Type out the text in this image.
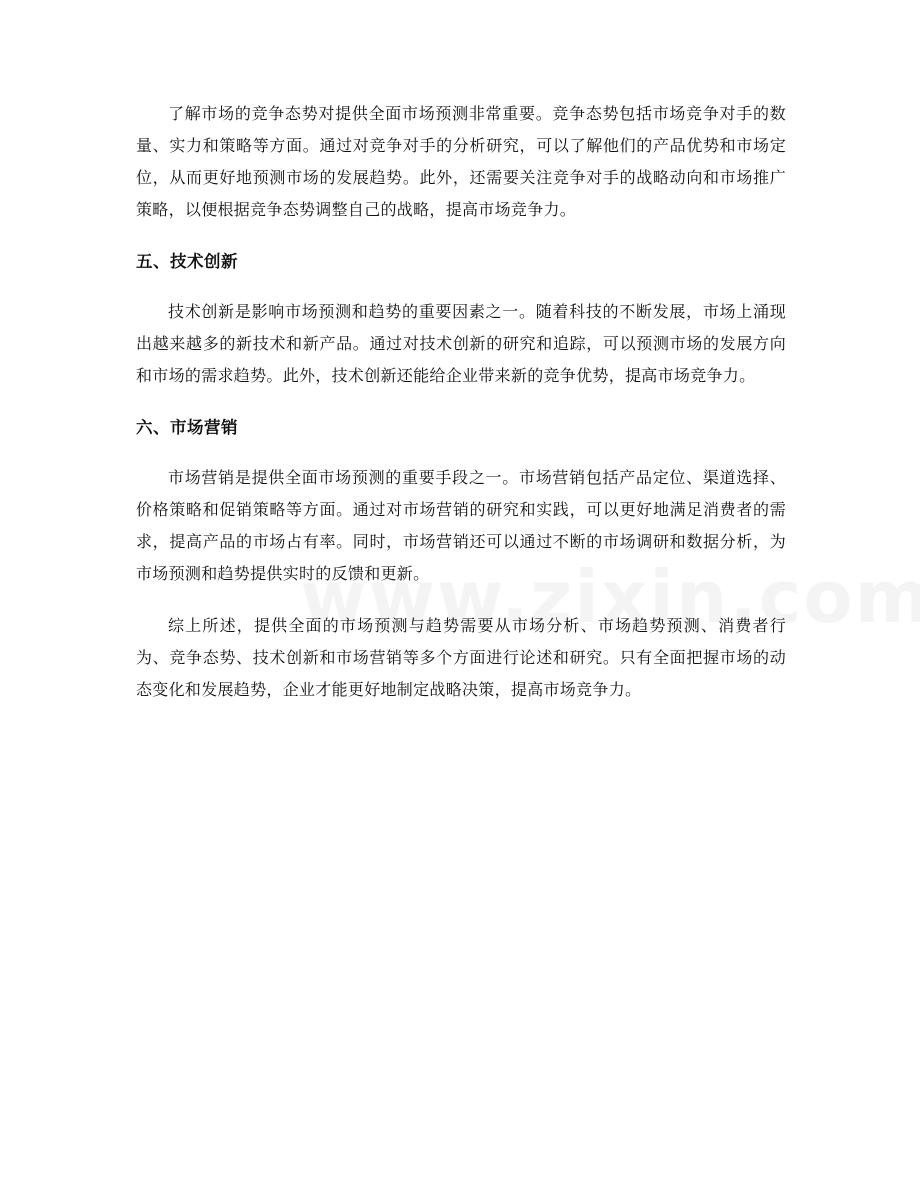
了解市场的竞争态势对提供全面市场预测非常重要。竞争态势包括市场竞争对手的数量、实力和策略等方面。通过对竞争对手的分析研究，可以了解他们的产品优势和市场定位，从而更好地预测市场的发展趋势。此外，还需要关注竞争对手的战略动向和市场推广策略，以便根据竞争态势调整自己的战略，提高市场竞争力。

五、技术创新

技术创新是影响市场预测和趋势的重要因素之一。随着科技的不断发展，市场上涌现出越来越多的新技术和新产品。通过对技术创新的研究和追踪，可以预测市场的发展方向和市场的需求趋势。此外，技术创新还能给企业带来新的竞争优势，提高市场竞争力。

六、市场营销

市场营销是提供全面市场预测的重要手段之一。市场营销包括产品定位、渠道选择、价格策略和促销策略等方面。通过对市场营销的研究和实践，可以更好地满足消费者的需求，提高产品的市场占有率。同时，市场营销还可以通过不断的市场调研和数据分析，为市场预测和趋势提供实时的反馈和更新。

综上所述，提供全面的市场预测与趋势需要从市场分析、市场趋势预测、消费者行为、竞争态势、技术创新和市场营销等多个方面进行论述和研究。只有全面把握市场的动态变化和发展趋势，企业才能更好地制定战略决策，提高市场竞争力。
